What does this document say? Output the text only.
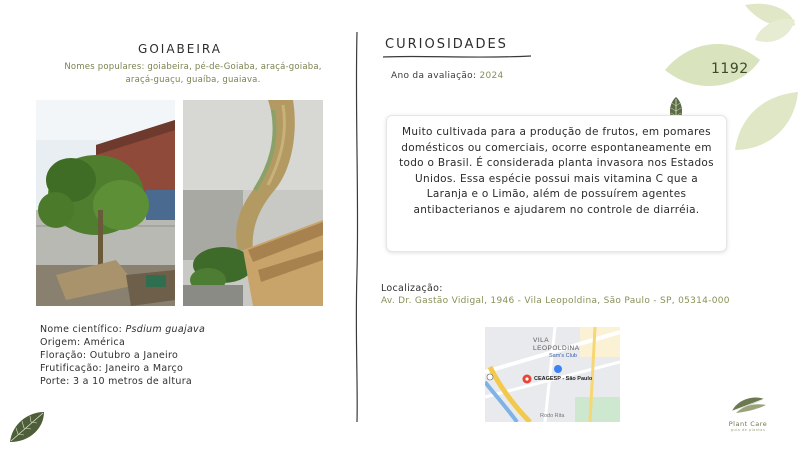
1192
GOIABEIRA
Nomes populares: goiabeira, pé-de-Goiaba, araçá-goiaba, araçá-guaçu, guaíba, guaiava.
Nome científico: Psdium guajava
Origem: América
Floração: Outubro a Janeiro
Frutificação: Janeiro a Março
Porte: 3 a 10 metros de altura
CURIOSIDADES
Ano da avaliação: 2024
Muito cultivada para a produção de frutos, em pomares domésticos ou comerciais, ocorre espontaneamente em todo o Brasil. É considerada planta invasora nos Estados Unidos. Essa espécie possui mais vitamina C que a Laranja e o Limão, além de possuírem agentes antibacterianos e ajudarem no controle de diarréia.
Localização:
Av. Dr. Gastão Vidigal, 1946 - Vila Leopoldina, São Paulo - SP, 05314-000
VILA LEOPOLDINA
Sam's Club
CEAGESP - São Paulo
Rodo Rita
Plant Care
guia de plantas
